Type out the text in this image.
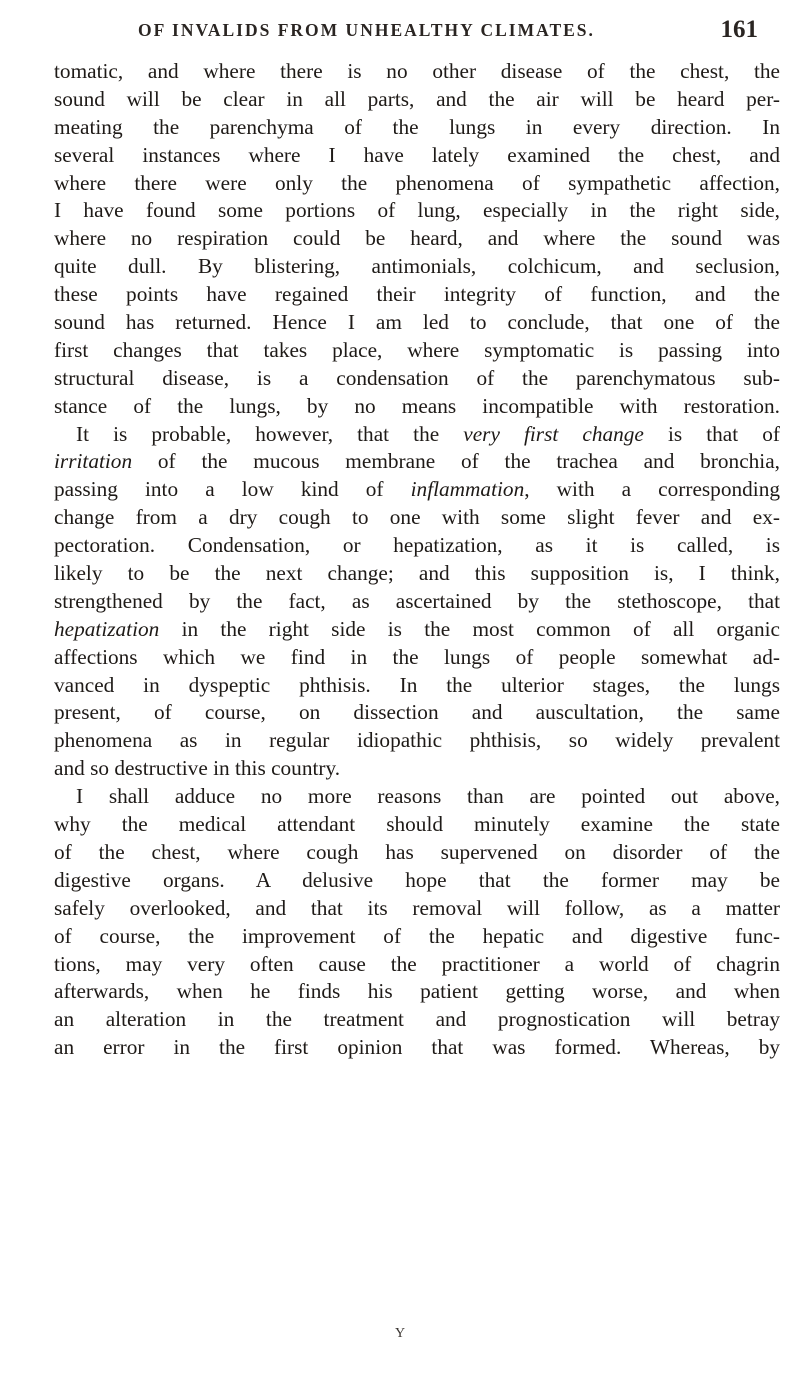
OF INVALIDS FROM UNHEALTHY CLIMATES.	161
tomatic, and where there is no other disease of the chest, the
sound will be clear in all parts, and the air will be heard per-
meating the parenchyma of the lungs in every direction. In
several instances where I have lately examined the chest, and
where there were only the phenomena of sympathetic affection,
I have found some portions of lung, especially in the right side,
where no respiration could be heard, and where the sound was
quite dull. By blistering, antimonials, colchicum, and seclusion,
these points have regained their integrity of function, and the
sound has returned. Hence I am led to conclude, that one of the
first changes that takes place, where symptomatic is passing into
structural disease, is a condensation of the parenchymatous sub-
stance of the lungs, by no means incompatible with restoration.
It is probable, however, that the very first change is that of
irritation of the mucous membrane of the trachea and bronchia,
passing into a low kind of inflammation, with a corresponding
change from a dry cough to one with some slight fever and ex-
pectoration. Condensation, or hepatization, as it is called, is
likely to be the next change; and this supposition is, I think,
strengthened by the fact, as ascertained by the stethoscope, that
hepatization in the right side is the most common of all organic
affections which we find in the lungs of people somewhat ad-
vanced in dyspeptic phthisis. In the ulterior stages, the lungs
present, of course, on dissection and auscultation, the same
phenomena as in regular idiopathic phthisis, so widely prevalent
and so destructive in this country.
I shall adduce no more reasons than are pointed out above,
why the medical attendant should minutely examine the state
of the chest, where cough has supervened on disorder of the
digestive organs. A delusive hope that the former may be
safely overlooked, and that its removal will follow, as a matter
of course, the improvement of the hepatic and digestive func-
tions, may very often cause the practitioner a world of chagrin
afterwards, when he finds his patient getting worse, and when
an alteration in the treatment and prognostication will betray
an error in the first opinion that was formed. Whereas, by
Y
